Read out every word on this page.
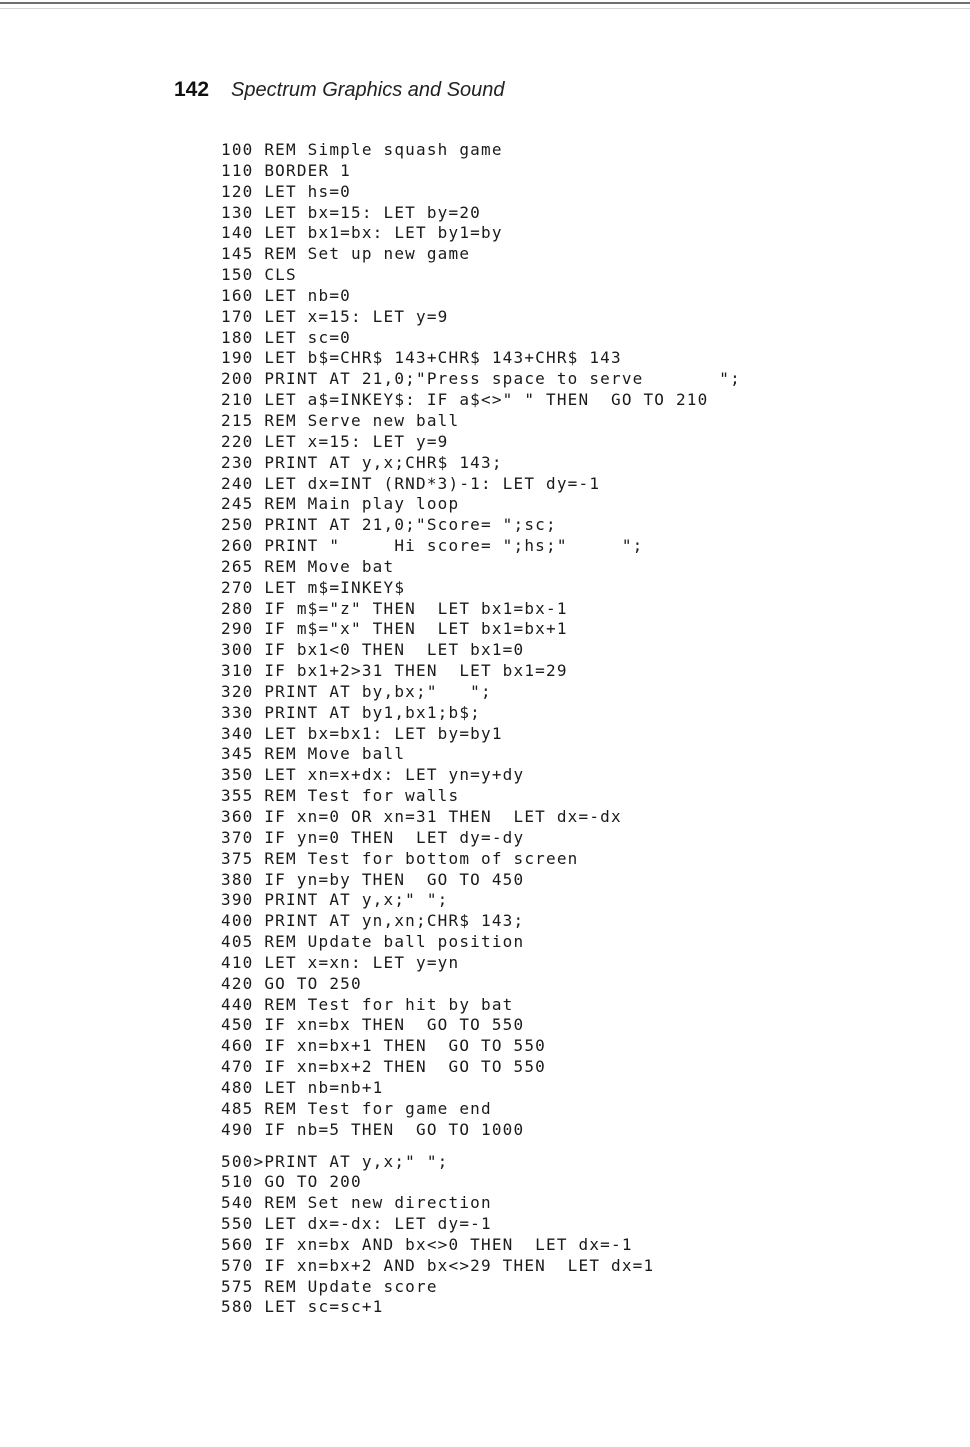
142 Spectrum Graphics and Sound
100 REM Simple squash game
110 BORDER 1
120 LET hs=0
130 LET bx=15: LET by=20
140 LET bx1=bx: LET by1=by
145 REM Set up new game
150 CLS
160 LET nb=0
170 LET x=15: LET y=9
180 LET sc=0
190 LET b$=CHR$ 143+CHR$ 143+CHR$ 143
200 PRINT AT 21,0;"Press space to serve       ";
210 LET a$=INKEY$: IF a$<>" " THEN  GO TO 210
215 REM Serve new ball
220 LET x=15: LET y=9
230 PRINT AT y,x;CHR$ 143;
240 LET dx=INT (RND*3)-1: LET dy=-1
245 REM Main play loop
250 PRINT AT 21,0;"Score= ";sc;
260 PRINT "     Hi score= ";hs;"     ";
265 REM Move bat
270 LET m$=INKEY$
280 IF m$="z" THEN  LET bx1=bx-1
290 IF m$="x" THEN  LET bx1=bx+1
300 IF bx1<0 THEN  LET bx1=0
310 IF bx1+2>31 THEN  LET bx1=29
320 PRINT AT by,bx;"   ";
330 PRINT AT by1,bx1;b$;
340 LET bx=bx1: LET by=by1
345 REM Move ball
350 LET xn=x+dx: LET yn=y+dy
355 REM Test for walls
360 IF xn=0 OR xn=31 THEN  LET dx=-dx
370 IF yn=0 THEN  LET dy=-dy
375 REM Test for bottom of screen
380 IF yn=by THEN  GO TO 450
390 PRINT AT y,x;" ";
400 PRINT AT yn,xn;CHR$ 143;
405 REM Update ball position
410 LET x=xn: LET y=yn
420 GO TO 250
440 REM Test for hit by bat
450 IF xn=bx THEN  GO TO 550
460 IF xn=bx+1 THEN  GO TO 550
470 IF xn=bx+2 THEN  GO TO 550
480 LET nb=nb+1
485 REM Test for game end
490 IF nb=5 THEN  GO TO 1000
500>PRINT AT y,x;" ";
510 GO TO 200
540 REM Set new direction
550 LET dx=-dx: LET dy=-1
560 IF xn=bx AND bx<>0 THEN  LET dx=-1
570 IF xn=bx+2 AND bx<>29 THEN  LET dx=1
575 REM Update score
580 LET sc=sc+1
